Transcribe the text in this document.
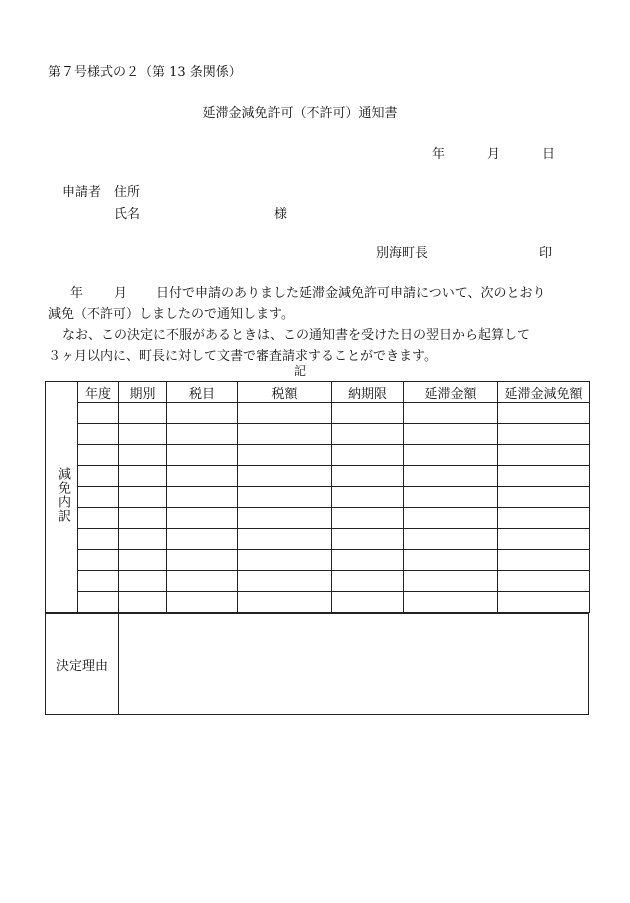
第７号様式の２（第 13 条関係）
延滞金減免許可（不許可）通知書
年	月	日
申請者 住所
氏名	様
別海町長	印
年 月 日付で申請のありました延滞金減免許可申請について、次のとおり
減免（不許可）しましたので通知します。
なお、この決定に不服があるときは、この通知書を受けた日の翌日から起算して
３ヶ月以内に、町長に対して文書で審査請求することができます。
記
減免内訳	年度	期別	税目	税額	納期限	延滞金額	延滞金減免額

決定理由	
